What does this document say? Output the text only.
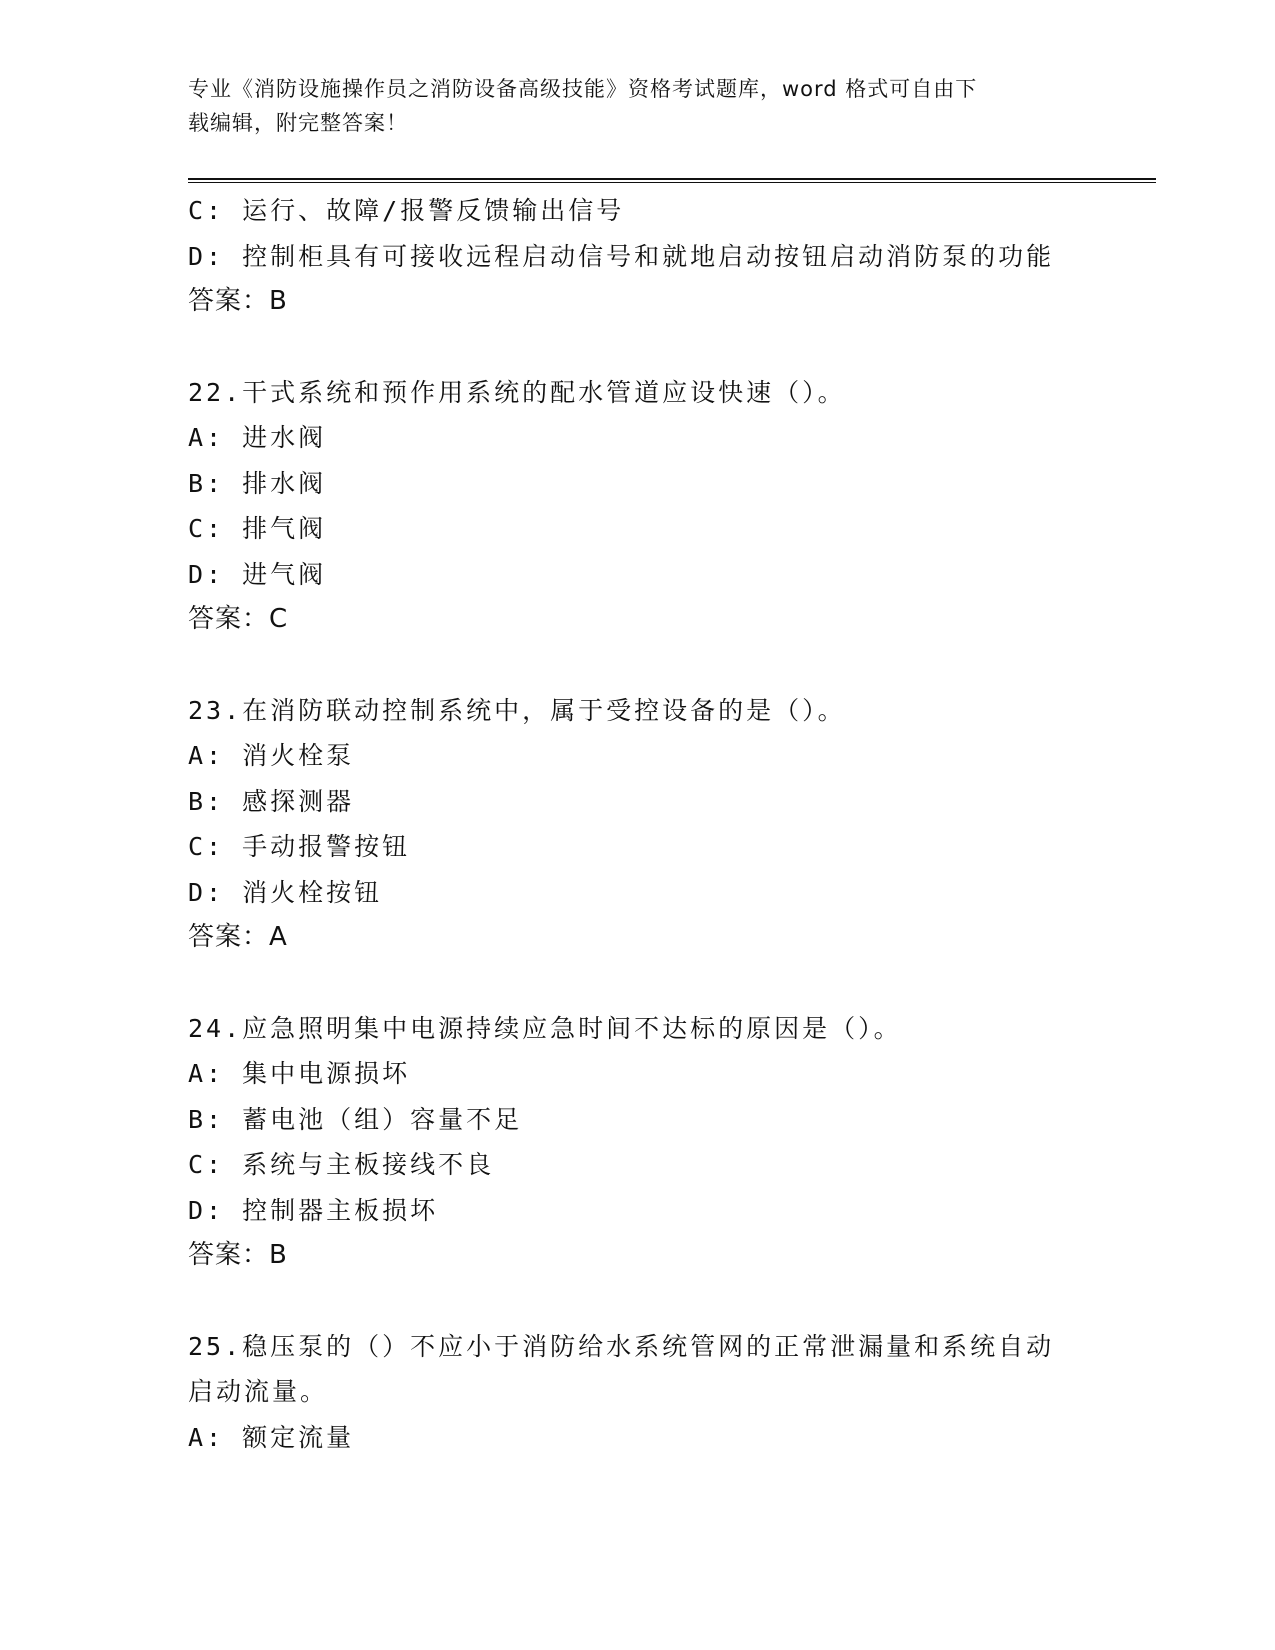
专业《消防设施操作员之消防设备高级技能》资格考试题库，word 格式可自由下
载编辑，附完整答案！
C: 运行、故障/报警反馈输出信号
D: 控制柜具有可接收远程启动信号和就地启动按钮启动消防泵的功能
答案：B
22.干式系统和预作用系统的配水管道应设快速（）。
A: 进水阀
B: 排水阀
C: 排气阀
D: 进气阀
答案：C
23.在消防联动控制系统中，属于受控设备的是（）。
A: 消火栓泵
B: 感探测器
C: 手动报警按钮
D: 消火栓按钮
答案：A
24.应急照明集中电源持续应急时间不达标的原因是（）。
A: 集中电源损坏
B: 蓄电池（组）容量不足
C: 系统与主板接线不良
D: 控制器主板损坏
答案：B
25.稳压泵的（）不应小于消防给水系统管网的正常泄漏量和系统自动
启动流量。
A: 额定流量
